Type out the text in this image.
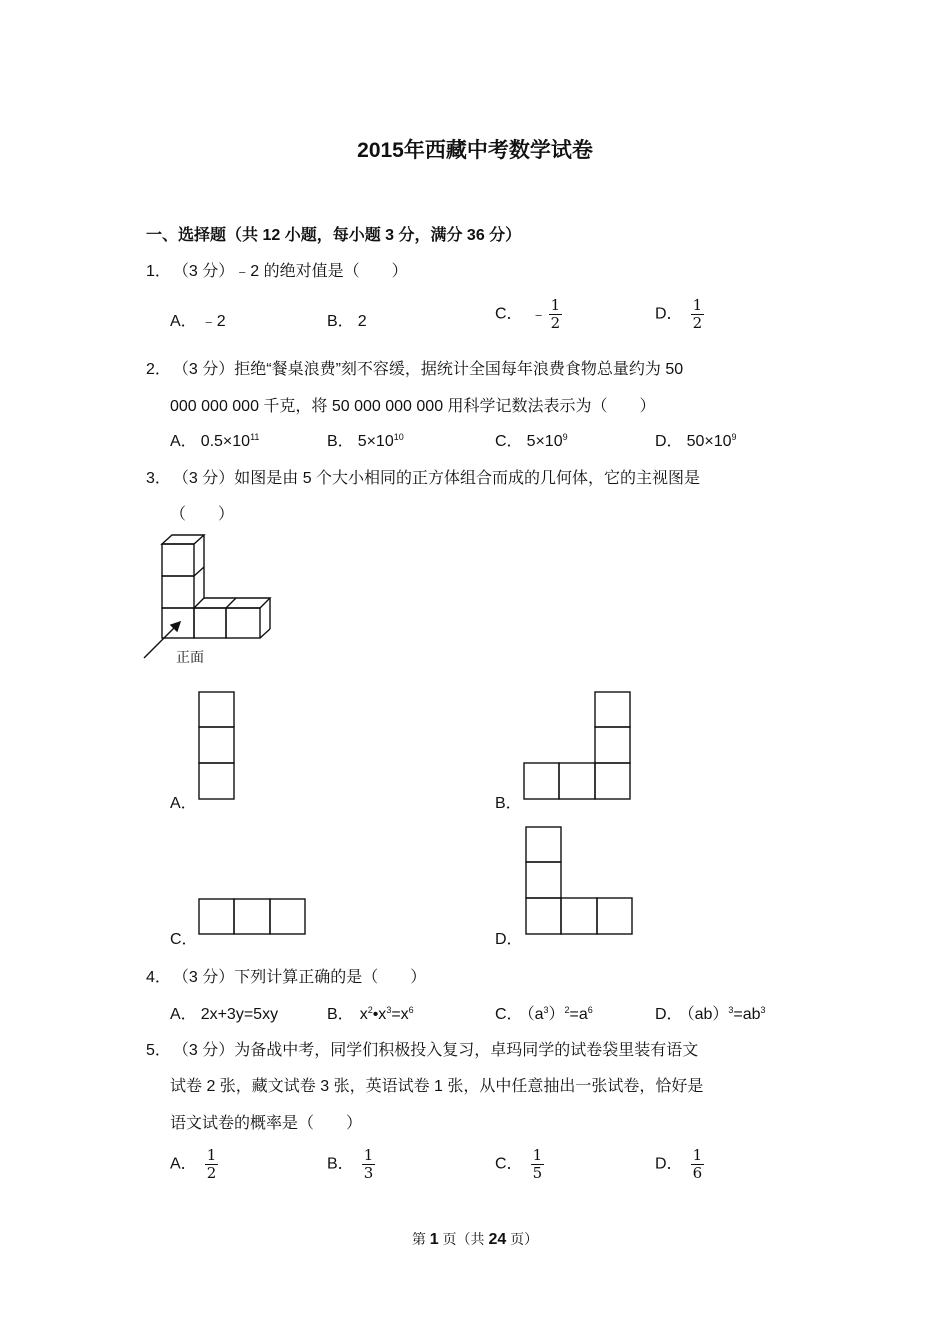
2015年西藏中考数学试卷
一、选择题（共 12 小题，每小题 3 分，满分 36 分）
1． （3 分）﹣2 的绝对值是（　　）
A． ﹣2	B． 2	C． ﹣ $\frac{1}{2}$	D． $\frac{1}{2}$
2． （3 分）拒绝“餐桌浪费”刻不容缓，据统计全国每年浪费食物总量约为 50
000 000 000 千克，将 50 000 000 000 用科学记数法表示为（　　）
A． $0.5\times 10^{11}$	B． $5\times 10^{10}$	C． $5\times 10^9$	D． $50\times 10^9$
3． （3 分）如图是由 5 个大小相同的正方体组合而成的几何体，它的主视图是
（　　）
正面
A．	B．
C．	D．
4． （3 分）下列计算正确的是（　　）
A． 2x+3y=5xy	B． $x^2•x^3=x^6$	C． $(a^3)^2=a^6$	D． $(ab)^3=ab^3$
5． （3 分）为备战中考，同学们积极投入复习，卓玛同学的试卷袋里装有语文
试卷 2 张，藏文试卷 3 张，英语试卷 1 张，从中任意抽出一张试卷，恰好是
语文试卷的概率是（　　）
A． $\frac{1}{2}$	B． $\frac{1}{3}$	C． $\frac{1}{5}$	D． $\frac{1}{6}$
第 1 页（共 24 页）
